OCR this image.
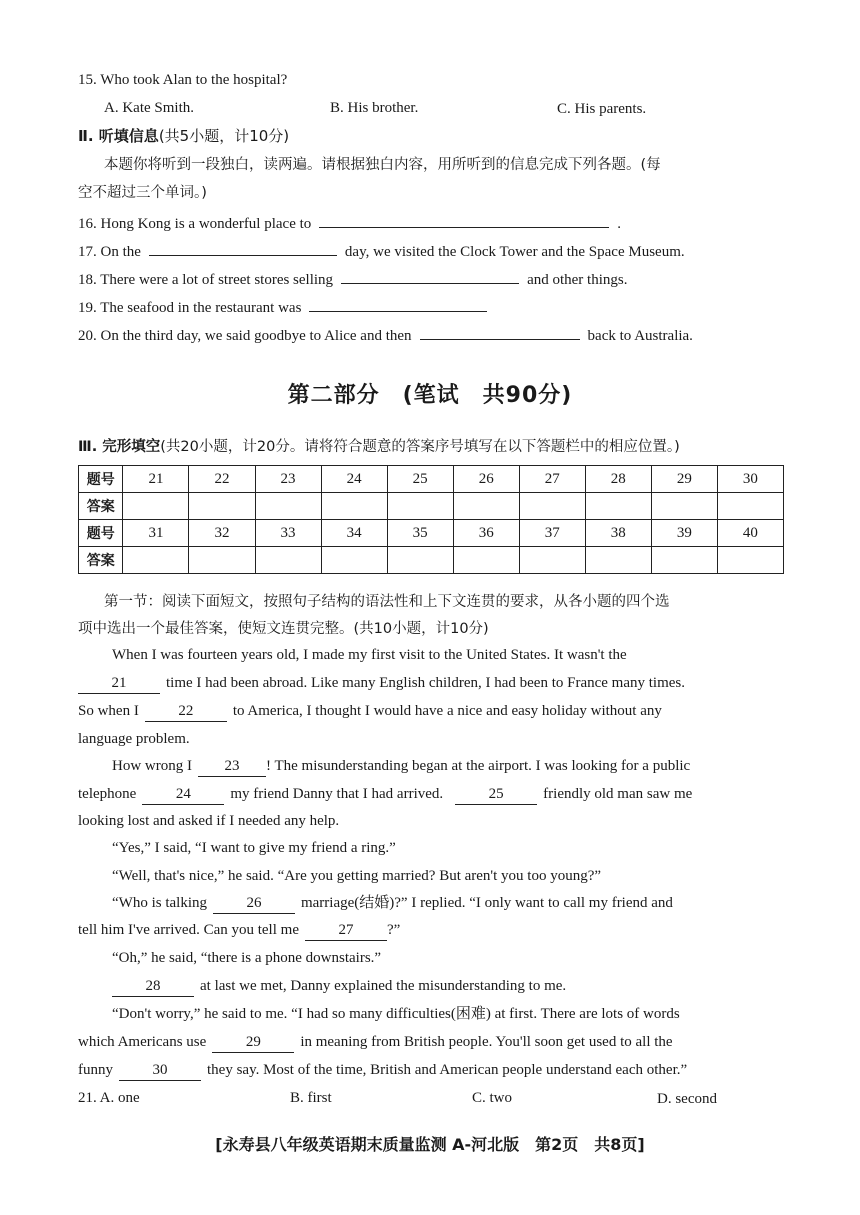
15. Who took Alan to the hospital?
A. Kate Smith.	B. His brother.	C. His parents.
Ⅱ. 听填信息(共5小题，计10分)
本题你将听到一段独白，读两遍。请根据独白内容，用所听到的信息完成下列各题。(每
空不超过三个单词。)
16. Hong Kong is a wonderful place to	.
17. On the	day, we visited the Clock Tower and the Space Museum.
18. There were a lot of street stores selling	and other things.
19. The seafood in the restaurant was
20. On the third day, we said goodbye to Alice and then	back to Australia.
第二部分　(笔试　共90分)
Ⅲ. 完形填空(共20小题，计20分。请将符合题意的答案序号填写在以下答题栏中的相应位置。)
题号	21	22	23	24	25	26	27	28	29	30
答案										
题号	31	32	33	34	35	36	37	38	39	40
答案										
第一节：阅读下面短文，按照句子结构的语法性和上下文连贯的要求，从各小题的四个选
项中选出一个最佳答案，使短文连贯完整。(共10小题，计10分)
When I was fourteen years old, I made my first visit to the United States. It wasn't the
21	time I had been abroad. Like many English children, I had been to France many times.
So when I	22	to America, I thought I would have a nice and easy holiday without any
language problem.
How wrong I 23 ! The misunderstanding began at the airport. I was looking for a public
telephone	24	my friend Danny that I had arrived.	25	friendly old man saw me
looking lost and asked if I needed any help.
“Yes,” I said, “I want to give my friend a ring.”
“Well, that's nice,” he said. “Are you getting married? But aren't you too young?”
“Who is talking	26	marriage(结婚)?” I replied. “I only want to call my friend and
tell him I've arrived. Can you tell me	27 ?”
“Oh,” he said, “there is a phone downstairs.”
28	at last we met, Danny explained the misunderstanding to me.
“Don't worry,” he said to me. “I had so many difficulties(困难) at first. There are lots of words
which Americans use	29	in meaning from British people. You'll soon get used to all the
funny	30	they say. Most of the time, British and American people understand each other.”
21. A. one	B. first	C. two	D. second
[永寿县八年级英语期末质量监测 A-河北版　第2页　共8页]
